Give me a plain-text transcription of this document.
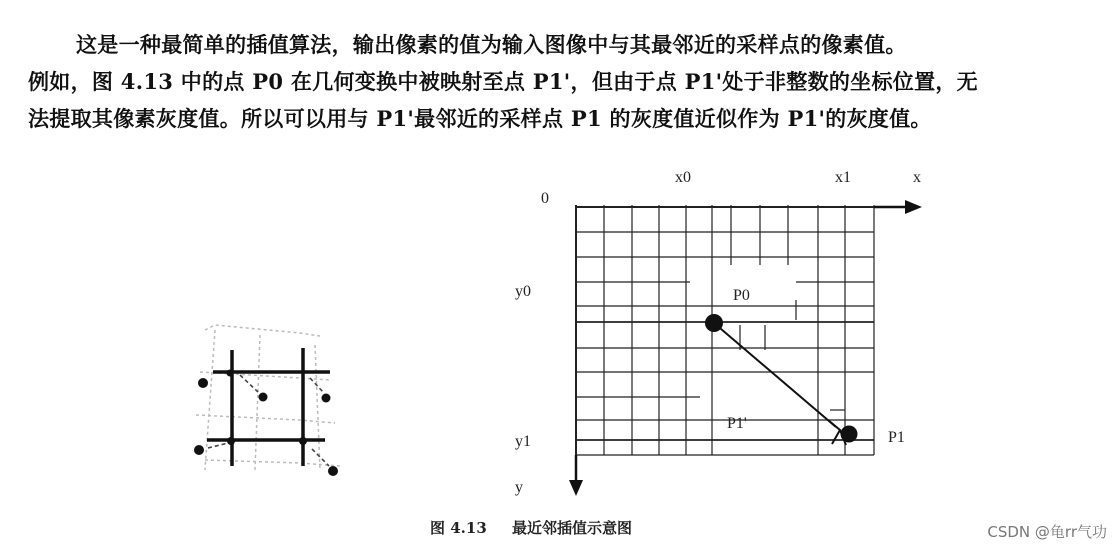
这是一种最简单的插值算法，输出像素的值为输入图像中与其最邻近的采样点的像素值。

例如，图 4.13 中的点 P0 在几何变换中被映射至点 P1'，但由于点 P1'处于非整数的坐标位置，无

法提取其像素灰度值。所以可以用与 P1'最邻近的采样点 P1 的灰度值近似作为 P1'的灰度值。

0
x0	x1	x
y0
y1
y
P0
P1'
P1
图 4.13 最近邻插值示意图	CSDN @龟rr气功
